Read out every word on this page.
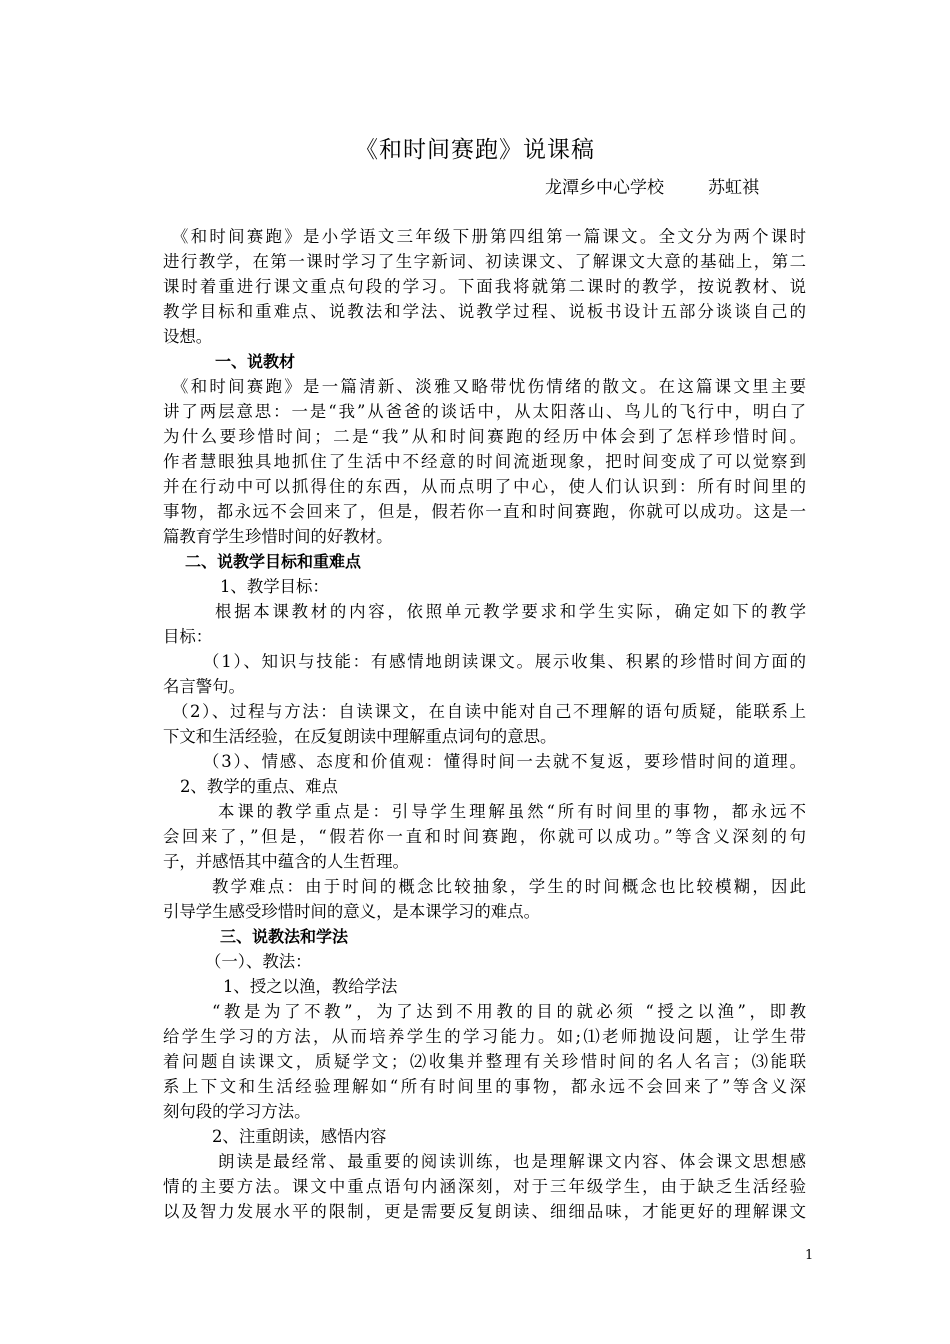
《和时间赛跑》说课稿
龙潭乡中心学校	苏虹祺
《和时间赛跑》是小学语文三年级下册第四组第一篇课文。全文分为两个课时
进行教学，在第一课时学习了生字新词、初读课文、了解课文大意的基础上，第二
课时着重进行课文重点句段的学习。下面我将就第二课时的教学，按说教材、说
教学目标和重难点、说教法和学法、说教学过程、说板书设计五部分谈谈自己的
设想。
一、说教材
《和时间赛跑》是一篇清新、淡雅又略带忧伤情绪的散文。在这篇课文里主要
讲了两层意思：一是“我”从爸爸的谈话中，从太阳落山、鸟儿的飞行中，明白了
为什么要珍惜时间；二是“我”从和时间赛跑的经历中体会到了怎样珍惜时间。
作者慧眼独具地抓住了生活中不经意的时间流逝现象，把时间变成了可以觉察到
并在行动中可以抓得住的东西，从而点明了中心，使人们认识到：所有时间里的
事物，都永远不会回来了，但是，假若你一直和时间赛跑，你就可以成功。这是一
篇教育学生珍惜时间的好教材。
二、说教学目标和重难点
1、教学目标：
根据本课教材的内容，依照单元教学要求和学生实际，确定如下的教学
目标：
（1）、知识与技能：有感情地朗读课文。展示收集、积累的珍惜时间方面的
名言警句。
（2）、过程与方法：自读课文，在自读中能对自己不理解的语句质疑，能联系上
下文和生活经验，在反复朗读中理解重点词句的意思。
（3）、情感、态度和价值观：懂得时间一去就不复返，要珍惜时间的道理。
2、教学的重点、难点
本课的教学重点是：引导学生理解虽然“所有时间里的事物，都永远不
会回来了，”但是，“假若你一直和时间赛跑，你就可以成功。”等含义深刻的句
子，并感悟其中蕴含的人生哲理。
教学难点：由于时间的概念比较抽象，学生的时间概念也比较模糊，因此
引导学生感受珍惜时间的意义，是本课学习的难点。
三、说教法和学法
（一）、教法：
1、授之以渔，教给学法
“教是为了不教”，为了达到不用教的目的就必须 “授之以渔”，即教
给学生学习的方法，从而培养学生的学习能力。如;⑴老师抛设问题，让学生带
着问题自读课文，质疑学文；⑵收集并整理有关珍惜时间的名人名言；⑶能联
系上下文和生活经验理解如“所有时间里的事物，都永远不会回来了”等含义深
刻句段的学习方法。
2、注重朗读，感悟内容
朗读是最经常、最重要的阅读训练，也是理解课文内容、体会课文思想感
情的主要方法。课文中重点语句内涵深刻，对于三年级学生，由于缺乏生活经验
以及智力发展水平的限制，更是需要反复朗读、细细品味，才能更好的理解课文
1
